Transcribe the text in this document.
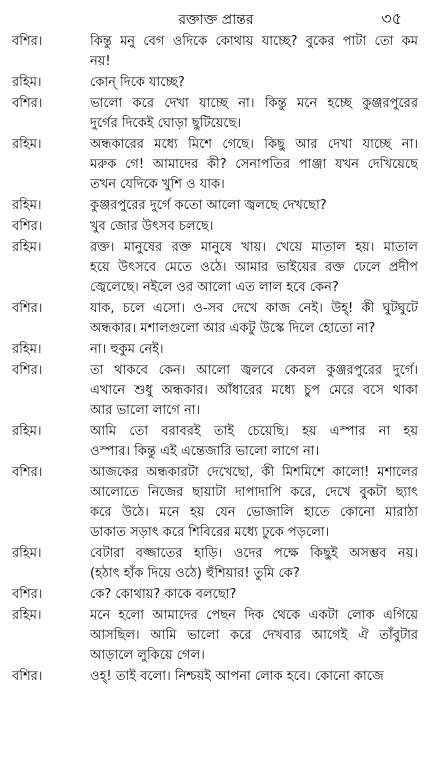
রক্তাক্ত প্রান্তর	৩৫
বশির।	কিন্তু মনু বেগ ওদিকে কোথায় যাচ্ছে? বুকের পাটা তো কম
নয়!
রহিম।	কোন্ দিকে যাচ্ছে?
বশির।	ভালো করে দেখা যাচ্ছে না। কিন্তু মনে হচ্ছে কুঞ্জরপুরের
দুর্গের দিকেই ঘোড়া ছুটিয়েছে।
রহিম।	অন্ধকারের মধ্যে মিশে গেছে। কিছু আর দেখা যাচ্ছে না।
মরুক গে! আমাদের কী? সেনাপতির পাঞ্জা যখন দেখিয়েছে
তখন যেদিকে খুশি ও যাক।
রহিম।	কুঞ্জরপুরের দুর্গে কতো আলো জ্বলছে দেখছো?
বশির।	খুব জোর উৎসব চলছে।
রহিম।	রক্ত। মানুষের রক্ত মানুষে খায়। খেয়ে মাতাল হয়। মাতাল
হয়ে উৎসবে মেতে ওঠে। আমার ভাইয়ের রক্ত ঢেলে প্রদীপ
জ্বেলেছে। নইলে ওর আলো এত লাল হবে কেন?
বশির।	যাক, চলে এসো। ও-সব দেখে কাজ নেই। উহ্! কী ঘুটঘুটে
অন্ধকার। মশালগুলো আর একটু উস্কে দিলে হোতো না?
রহিম।	না। হুকুম নেই।
বশির।	তা থাকবে কেন। আলো জ্বলবে কেবল কুঞ্জরপুরের দুর্গে।
এখানে শুধু অন্ধকার। আঁধারের মধ্যে চুপ মেরে বসে থাকা
আর ভালো লাগে না।
রহিম।	আমি তো বরাবরই তাই চেয়েছি। হয় এস্পার না হয়
ওস্পার। কিন্তু এই এন্তেজারি ভালো লাগে না।
বশির।	আজকের অন্ধকারটা দেখেছো, কী মিশমিশে কালো! মশালের
আলোতে নিজের ছায়াটা দাপাদাপি করে, দেখে বুকটা ছ্যাৎ
করে উঠে। মনে হয় যেন ভোজালি হাতে কোনো মারাঠা
ডাকাত সড়াৎ করে শিবিরের মধ্যে ঢুকে পড়লো।
রহিম।	বেটারা বজ্জাতের হাড়ি। ওদের পক্ষে কিছুই অসম্ভব নয়।
(হঠাৎ হাঁক দিয়ে ওঠে) হুঁশিয়ার! তুমি কে?
বশির।	কে? কোথায়? কাকে বলছো?
রহিম।	মনে হলো আমাদের পেছন দিক থেকে একটা লোক এগিয়ে
আসছিল। আমি ভালো করে দেখবার আগেই ঐ তাঁবুটার
আড়ালে লুকিয়ে গেল।
বশির।	ওহ্! তাই বলো। নিশ্চয়ই আপনা লোক হবে। কোনো কাজে
